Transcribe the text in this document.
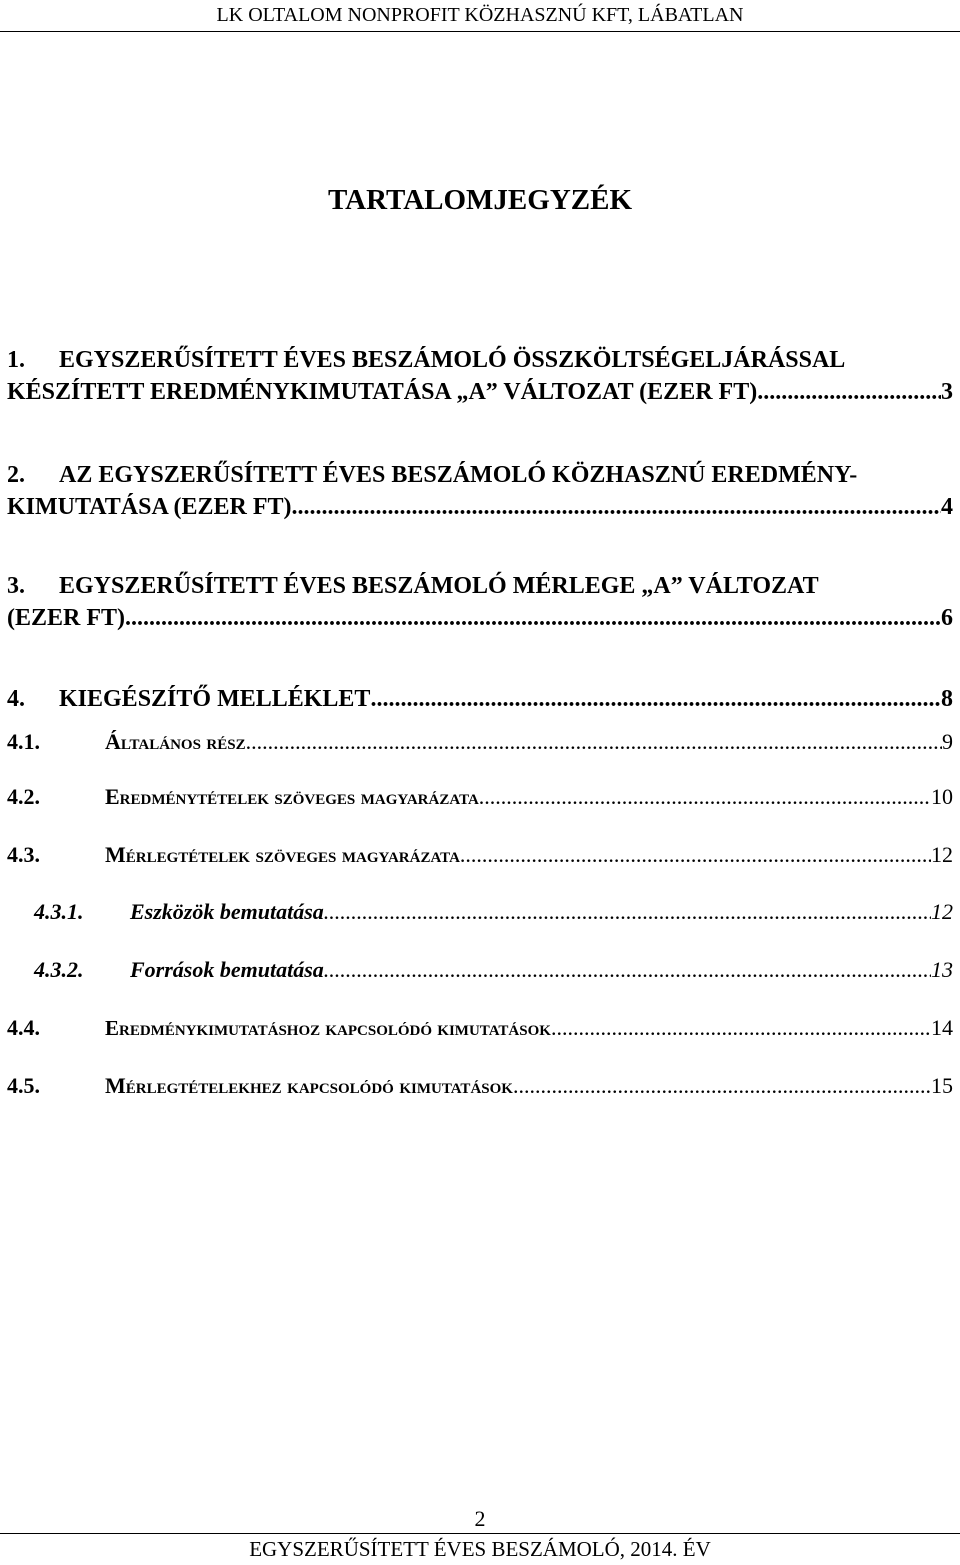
LK OLTALOM NONPROFIT KÖZHASZNÚ KFT, LÁBATLAN
TARTALOMJEGYZÉK
1.	EGYSZERŰSÍTETT ÉVES BESZÁMOLÓ ÖSSZKÖLTSÉGELJÁRÁSSAL
KÉSZÍTETT EREDMÉNYKIMUTATÁSA „A” VÁLTOZAT (EZER FT) .....	3
2.	AZ EGYSZERŰSÍTETT ÉVES BESZÁMOLÓ KÖZHASZNÚ EREDMÉNY-
KIMUTATÁSA (EZER FT) .....	4
3.	EGYSZERŰSÍTETT ÉVES BESZÁMOLÓ MÉRLEGE „A” VÁLTOZAT
(EZER FT) .....	6
4.	KIEGÉSZÍTŐ MELLÉKLET .....	8
4.1.	Általános rész .....	9
4.2.	Eredménytételek szöveges magyarázata .....	10
4.3.	Mérlegtételek szöveges magyarázata .....	12
4.3.1.	Eszközök bemutatása .....	12
4.3.2.	Források bemutatása .....	13
4.4.	Eredménykimutatáshoz kapcsolódó kimutatások .....	14
4.5.	Mérlegtételekhez kapcsolódó kimutatások .....	15
2
EGYSZERŰSÍTETT ÉVES BESZÁMOLÓ, 2014. ÉV
